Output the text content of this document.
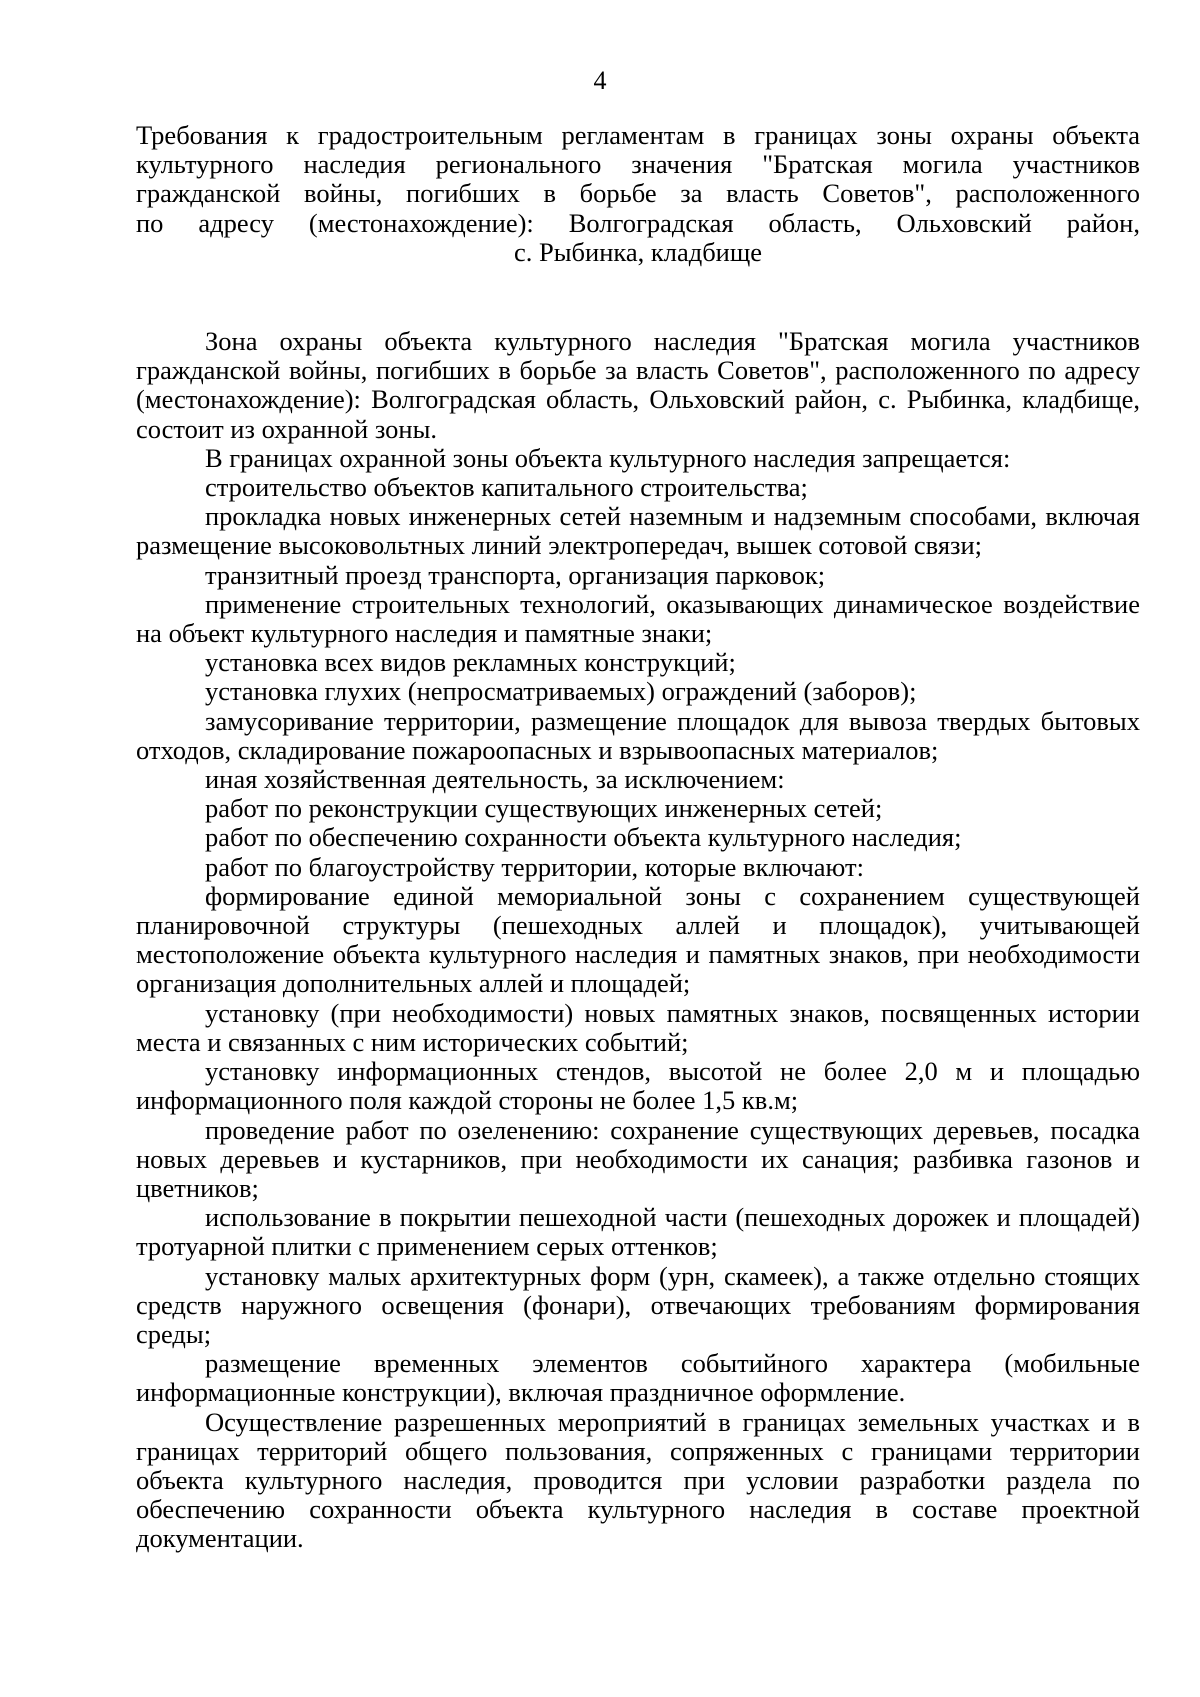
4

Требования к градостроительным регламентам в границах зоны охраны объекта

культурного наследия регионального значения "Братская могила участников

гражданской войны, погибших в борьбе за власть Советов", расположенного

по адресу (местонахождение): Волгоградская область, Ольховский район,

с. Рыбинка, кладбище

Зона охраны объекта культурного наследия "Братская могила участников гражданской войны, погибших в борьбе за власть Советов", расположенного по адресу (местонахождение): Волгоградская область, Ольховский район, с. Рыбинка, кладбище, состоит из охранной зоны.

В границах охранной зоны объекта культурного наследия запрещается:

строительство объектов капитального строительства;

прокладка новых инженерных сетей наземным и надземным способами, включая размещение высоковольтных линий электропередач, вышек сотовой связи;

транзитный проезд транспорта, организация парковок;

применение строительных технологий, оказывающих динамическое воздействие на объект культурного наследия и памятные знаки;

установка всех видов рекламных конструкций;

установка глухих (непросматриваемых) ограждений (заборов);

замусоривание территории, размещение площадок для вывоза твердых бытовых отходов, складирование пожароопасных и взрывоопасных материалов;

иная хозяйственная деятельность, за исключением:

работ по реконструкции существующих инженерных сетей;

работ по обеспечению сохранности объекта культурного наследия;

работ по благоустройству территории, которые включают:

формирование единой мемориальной зоны с сохранением существующей планировочной структуры (пешеходных аллей и площадок), учитывающей местоположение объекта культурного наследия и памятных знаков, при необходимости организация дополнительных аллей и площадей;

установку (при необходимости) новых памятных знаков, посвященных истории места и связанных с ним исторических событий;

установку информационных стендов, высотой не более 2,0 м и площадью информационного поля каждой стороны не более 1,5 кв.м;

проведение работ по озеленению: сохранение существующих деревьев, посадка новых деревьев и кустарников, при необходимости их санация; разбивка газонов и цветников;

использование в покрытии пешеходной части (пешеходных дорожек и площадей) тротуарной плитки с применением серых оттенков;

установку малых архитектурных форм (урн, скамеек), а также отдельно стоящих средств наружного освещения (фонари), отвечающих требованиям формирования среды;

размещение временных элементов событийного характера (мобильные информационные конструкции), включая праздничное оформление.

Осуществление разрешенных мероприятий в границах земельных участках и в границах территорий общего пользования, сопряженных с границами территории объекта культурного наследия, проводится при условии разработки раздела по обеспечению сохранности объекта культурного наследия в составе проектной документации.
